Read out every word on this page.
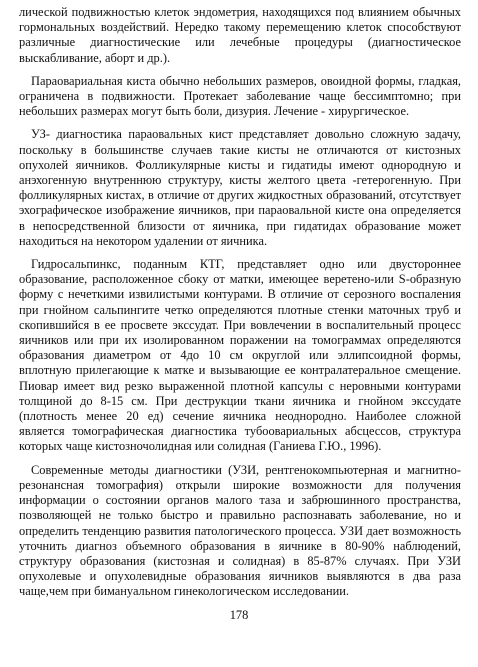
лической подвижностью клеток эндометрия, находящихся под влиянием обычных гормональных воздействий. Нередко такому перемещению клеток способствуют различные диагностические или лечебные процедуры (диагностическое выскабливание, аборт и др.).

Параовариальная киста обычно небольших размеров, овоидной формы, гладкая, ограничена в подвижности. Протекает заболевание чаще бессимптомно; при небольших размерах могут быть боли, дизурия. Лечение - хирургическое.

УЗ- диагностика параовальных кист представляет довольно сложную задачу, поскольку в большинстве случаев такие кисты не отличаются от кистозных опухолей яичников. Фолликулярные кисты и гидатиды имеют однородную и анэхогенную внутреннюю структуру, кисты желтого цвета -гетерогенную. При фолликулярных кистах, в отличие от других жидкостных образований, отсутствует эхографическое изображение яичников, при параовальной кисте она определяется в непосредственной близости от яичника, при гидатидах образование может находиться на некотором удалении от яичника.

Гидросальпинкс, поданным КТГ, представляет одно или двустороннее образование, расположенное сбоку от матки, имеющее веретено-или S-образную форму с нечеткими извилистыми контурами. В отличие от серозного воспаления при гнойном сальпингите четко определяются плотные стенки маточных труб и скопившийся в ее просвете экссудат. При вовлечении в воспалительный процесс яичников или при их изолированном поражении на томограммах определяются образования диаметром от 4до 10 см округлой или эллипсоидной формы, вплотную прилегающие к матке и вызывающие ее контралатеральное смещение. Пиовар имеет вид резко выраженной плотной капсулы с неровными контурами толщиной до 8-15 см. При деструкции ткани яичника и гнойном экссудате (плотность менее 20 ед) сечение яичника неоднородно. Наиболее сложной является томографическая диагностика тубоовариальных абсцессов, структура которых чаще кистозночолидная или солидная (Ганиева Г.Ю., 1996).

Современные методы диагностики (УЗИ, рентгенокомпьютерная и магнитно-резонансная томография) открыли широкие возможности для получения информации о состоянии органов малого таза и забрюшинного пространства, позволяющей не только быстро и правильно распознавать заболевание, но и определить тенденцию развития патологического процесса. УЗИ дает возможность уточнить диагноз объемного образования в яичнике в 80-90% наблюдений, структуру образования (кистозная и солидная) в 85-87% случаях. При УЗИ опухолевые и опухолевидные образования яичников выявляются в два раза чаще,чем при бимануальном гинекологическом исследовании.

178
